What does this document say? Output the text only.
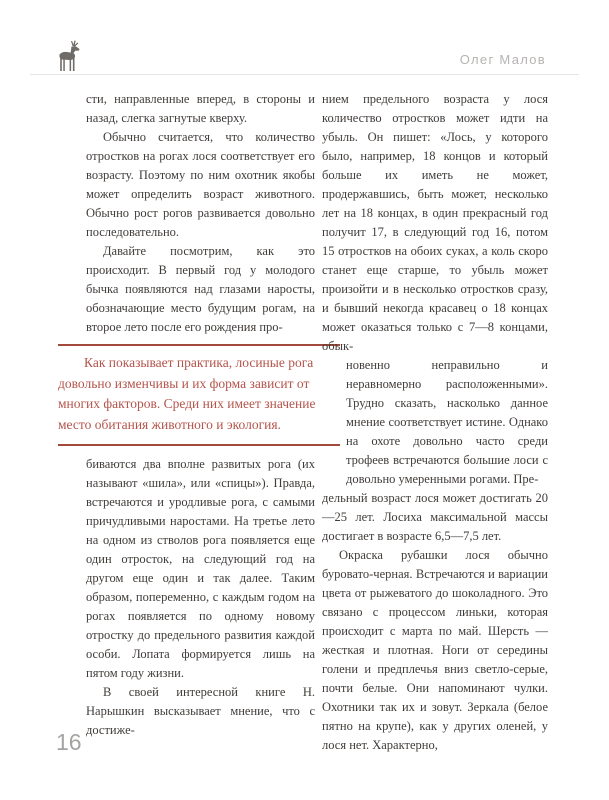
Олег Малов

сти, направленные вперед, в стороны и назад, слегка загнутые кверху.

Обычно считается, что количество отростков на рогах лося соответствует его возрасту. Поэтому по ним охотник якобы может определить возраст животного. Обычно рост рогов развивается довольно последовательно.

Давайте посмотрим, как это происходит. В первый год у молодого бычка появляются над глазами наросты, обозначающие место будущим рогам, на второе лето после его рождения про-

Как показывает практика, лосиные рога довольно изменчивы и их форма зависит от многих факторов. Среди них имеет значение место обитания животного и экология.

биваются два вполне развитых рога (их называют «шила», или «спицы»). Правда, встречаются и уродливые рога, с самыми причудливыми наростами. На третье лето на одном из стволов рога появляется еще один отросток, на следующий год на другом еще один и так далее. Таким образом, попеременно, с каждым годом на рогах появляется по одному новому отростку до предельного развития каждой особи. Лопата формируется лишь на пятом году жизни.

В своей интересной книге Н. Нарышкин высказывает мнение, что с достиже-

нием предельного возраста у лося количество отростков может идти на убыль. Он пишет: «Лось, у которого было, например, 18 концов и который больше их иметь не может, продержавшись, быть может, несколько лет на 18 концах, в один прекрасный год получит 17, в следующий год 16, потом 15 отростков на обоих суках, а коль скоро станет еще старше, то убыль может произойти и в несколько отростков сразу, и бывший некогда красавец о 18 концах может оказаться только с 7—8 концами, обык-

новенно неправильно и неравномерно расположенными». Трудно сказать, насколько данное мнение соответствует истине. Однако на охоте довольно часто среди трофеев встречаются большие лоси с довольно умеренными рогами. Пре-

дельный возраст лося может достигать 20—25 лет. Лосиха максимальной массы достигает в возрасте 6,5—7,5 лет.

Окраска рубашки лося обычно буровато-черная. Встречаются и вариации цвета от рыжеватого до шоколадного. Это связано с процессом линьки, которая происходит с марта по май. Шерсть — жесткая и плотная. Ноги от середины голени и предплечья вниз светло-серые, почти белые. Они напоминают чулки. Охотники так их и зовут. Зеркала (белое пятно на крупе), как у других оленей, у лося нет. Характерно,

16
